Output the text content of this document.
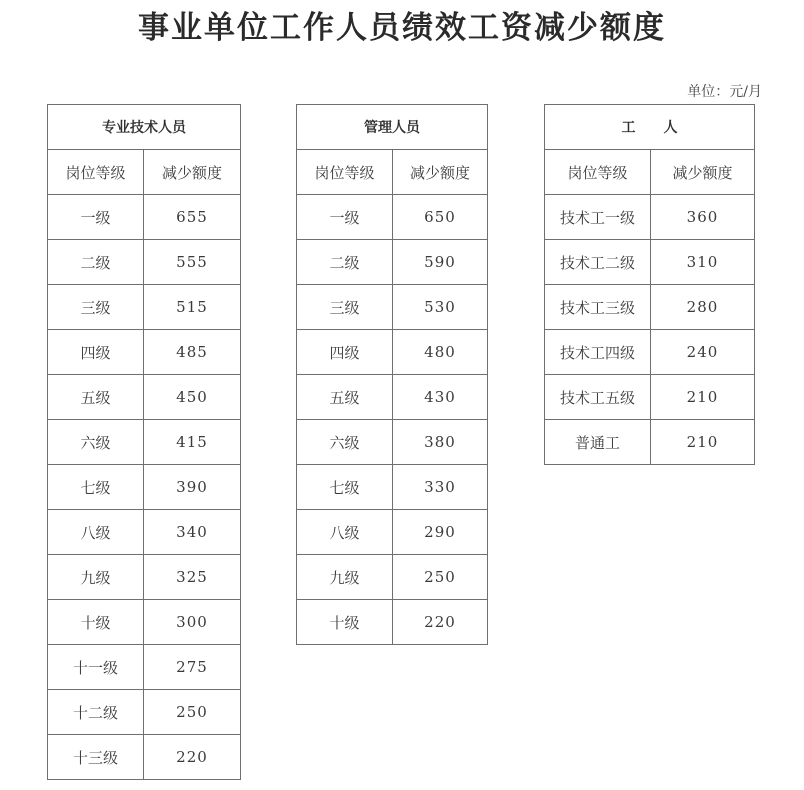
事业单位工作人员绩效工资减少额度
单位：元/月
专业技术人员	
岗位等级	减少额度
一级	655
二级	555
三级	515
四级	485
五级	450
六级	415
七级	390
八级	340
九级	325
十级	300
十一级	275
十二级	250
十三级	220
管理人员	
岗位等级	减少额度
一级	650
二级	590
三级	530
四级	480
五级	430
六级	380
七级	330
八级	290
九级	250
十级	220
工　　人	
岗位等级	减少额度
技术工一级	360
技术工二级	310
技术工三级	280
技术工四级	240
技术工五级	210
普通工	210
